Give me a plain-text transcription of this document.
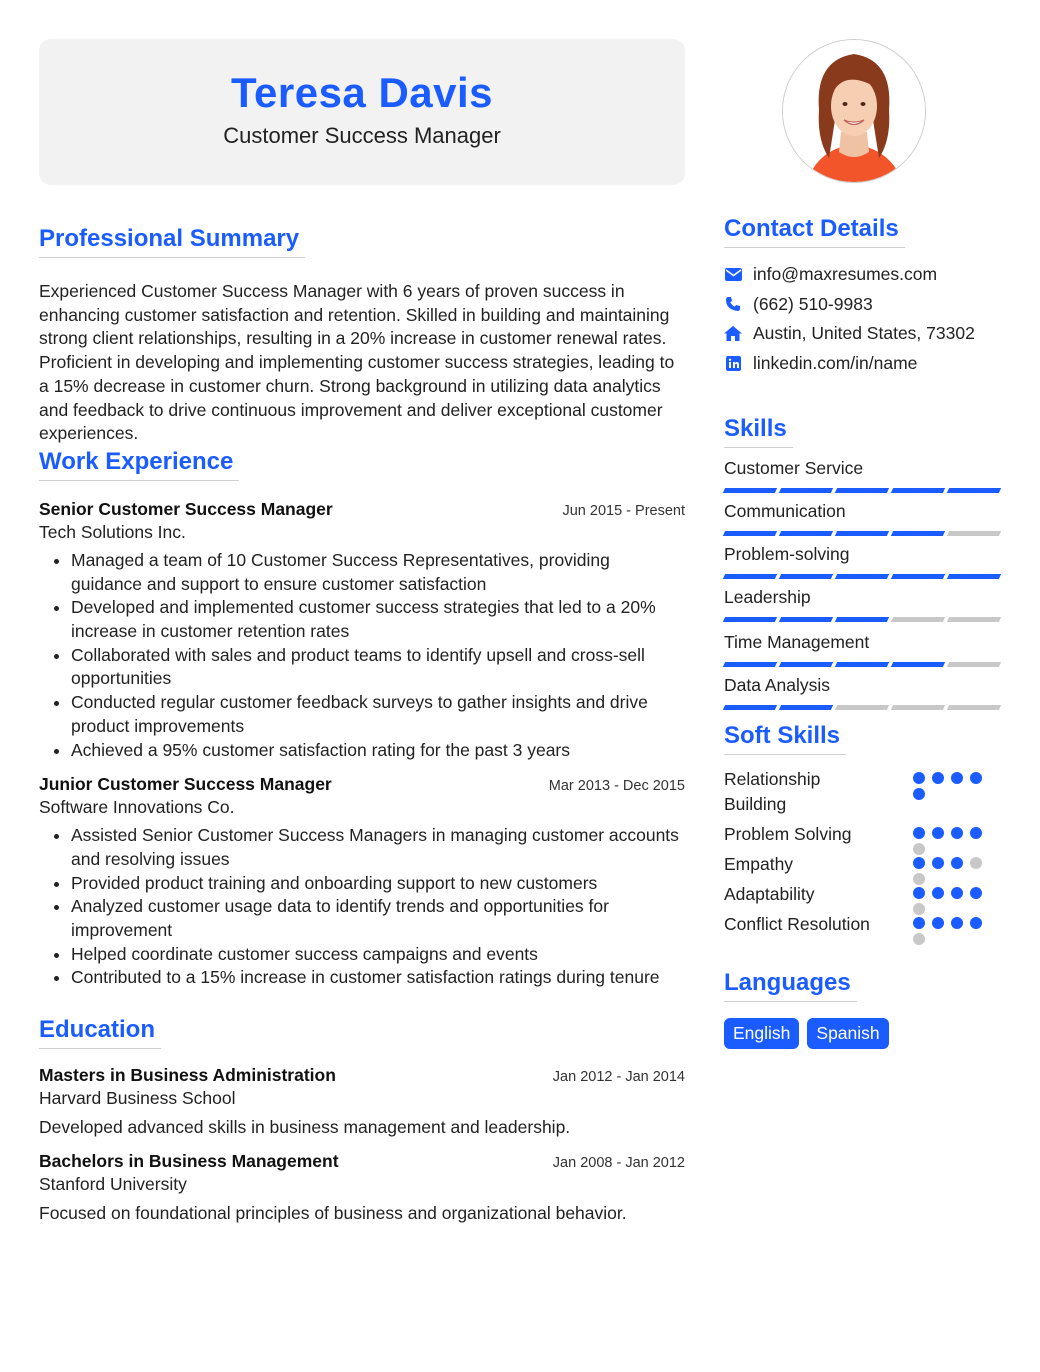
Teresa Davis
Customer Success Manager
Professional Summary
Experienced Customer Success Manager with 6 years of proven success in enhancing customer satisfaction and retention. Skilled in building and maintaining strong client relationships, resulting in a 20% increase in customer renewal rates. Proficient in developing and implementing customer success strategies, leading to a 15% decrease in customer churn. Strong background in utilizing data analytics and feedback to drive continuous improvement and deliver exceptional customer experiences.
Work Experience
Senior Customer Success Manager	Jun 2015 - Present
Tech Solutions Inc.
• Managed a team of 10 Customer Success Representatives, providing guidance and support to ensure customer satisfaction
• Developed and implemented customer success strategies that led to a 20% increase in customer retention rates
• Collaborated with sales and product teams to identify upsell and cross-sell opportunities
• Conducted regular customer feedback surveys to gather insights and drive product improvements
• Achieved a 95% customer satisfaction rating for the past 3 years
Junior Customer Success Manager	Mar 2013 - Dec 2015
Software Innovations Co.
• Assisted Senior Customer Success Managers in managing customer accounts and resolving issues
• Provided product training and onboarding support to new customers
• Analyzed customer usage data to identify trends and opportunities for improvement
• Helped coordinate customer success campaigns and events
• Contributed to a 15% increase in customer satisfaction ratings during tenure
Education
Masters in Business Administration	Jan 2012 - Jan 2014
Harvard Business School
Developed advanced skills in business management and leadership.
Bachelors in Business Management	Jan 2008 - Jan 2012
Stanford University
Focused on foundational principles of business and organizational behavior.
Contact Details
info@maxresumes.com
(662) 510-9983
Austin, United States, 73302
linkedin.com/in/name
Skills
Customer Service
Communication
Problem-solving
Leadership
Time Management
Data Analysis
Soft Skills
Relationship Building
Problem Solving
Empathy
Adaptability
Conflict Resolution
Languages
English	Spanish
